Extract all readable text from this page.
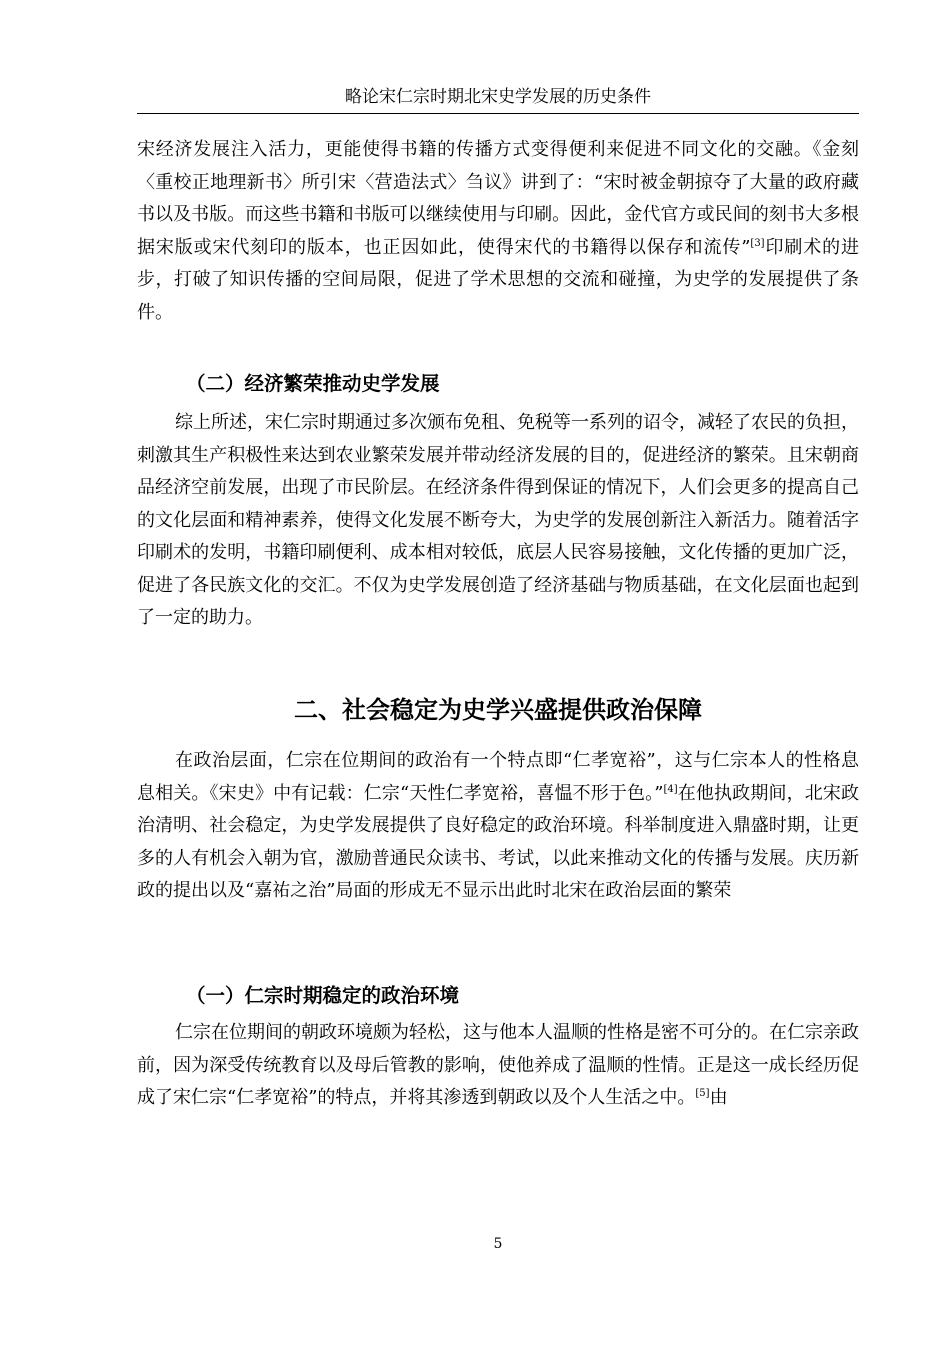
略论宋仁宗时期北宋史学发展的历史条件

宋经济发展注入活力，更能使得书籍的传播方式变得便利来促进不同文化的交融。《金刻〈重校正地理新书〉所引宋〈营造法式〉刍议》讲到了：“宋时被金朝掠夺了大量的政府藏书以及书版。而这些书籍和书版可以继续使用与印刷。因此，金代官方或民间的刻书大多根据宋版或宋代刻印的版本，也正因如此，使得宋代的书籍得以保存和流传”[3]印刷术的进步，打破了知识传播的空间局限，促进了学术思想的交流和碰撞，为史学的发展提供了条件。

（二）经济繁荣推动史学发展

综上所述，宋仁宗时期通过多次颁布免租、免税等一系列的诏令，减轻了农民的负担，刺激其生产积极性来达到农业繁荣发展并带动经济发展的目的，促进经济的繁荣。且宋朝商品经济空前发展，出现了市民阶层。在经济条件得到保证的情况下，人们会更多的提高自己的文化层面和精神素养，使得文化发展不断夸大，为史学的发展创新注入新活力。随着活字印刷术的发明，书籍印刷便利、成本相对较低，底层人民容易接触，文化传播的更加广泛，促进了各民族文化的交汇。不仅为史学发展创造了经济基础与物质基础，在文化层面也起到了一定的助力。

二、社会稳定为史学兴盛提供政治保障

在政治层面，仁宗在位期间的政治有一个特点即“仁孝宽裕”，这与仁宗本人的性格息息相关。《宋史》中有记载：仁宗“天性仁孝宽裕，喜愠不形于色。”[4]在他执政期间，北宋政治清明、社会稳定，为史学发展提供了良好稳定的政治环境。科举制度进入鼎盛时期，让更多的人有机会入朝为官，激励普通民众读书、考试，以此来推动文化的传播与发展。庆历新政的提出以及“嘉祐之治”局面的形成无不显示出此时北宋在政治层面的繁荣

（一）仁宗时期稳定的政治环境

仁宗在位期间的朝政环境颇为轻松，这与他本人温顺的性格是密不可分的。在仁宗亲政前，因为深受传统教育以及母后管教的影响，使他养成了温顺的性情。正是这一成长经历促成了宋仁宗“仁孝宽裕”的特点，并将其渗透到朝政以及个人生活之中。[5]由

5
